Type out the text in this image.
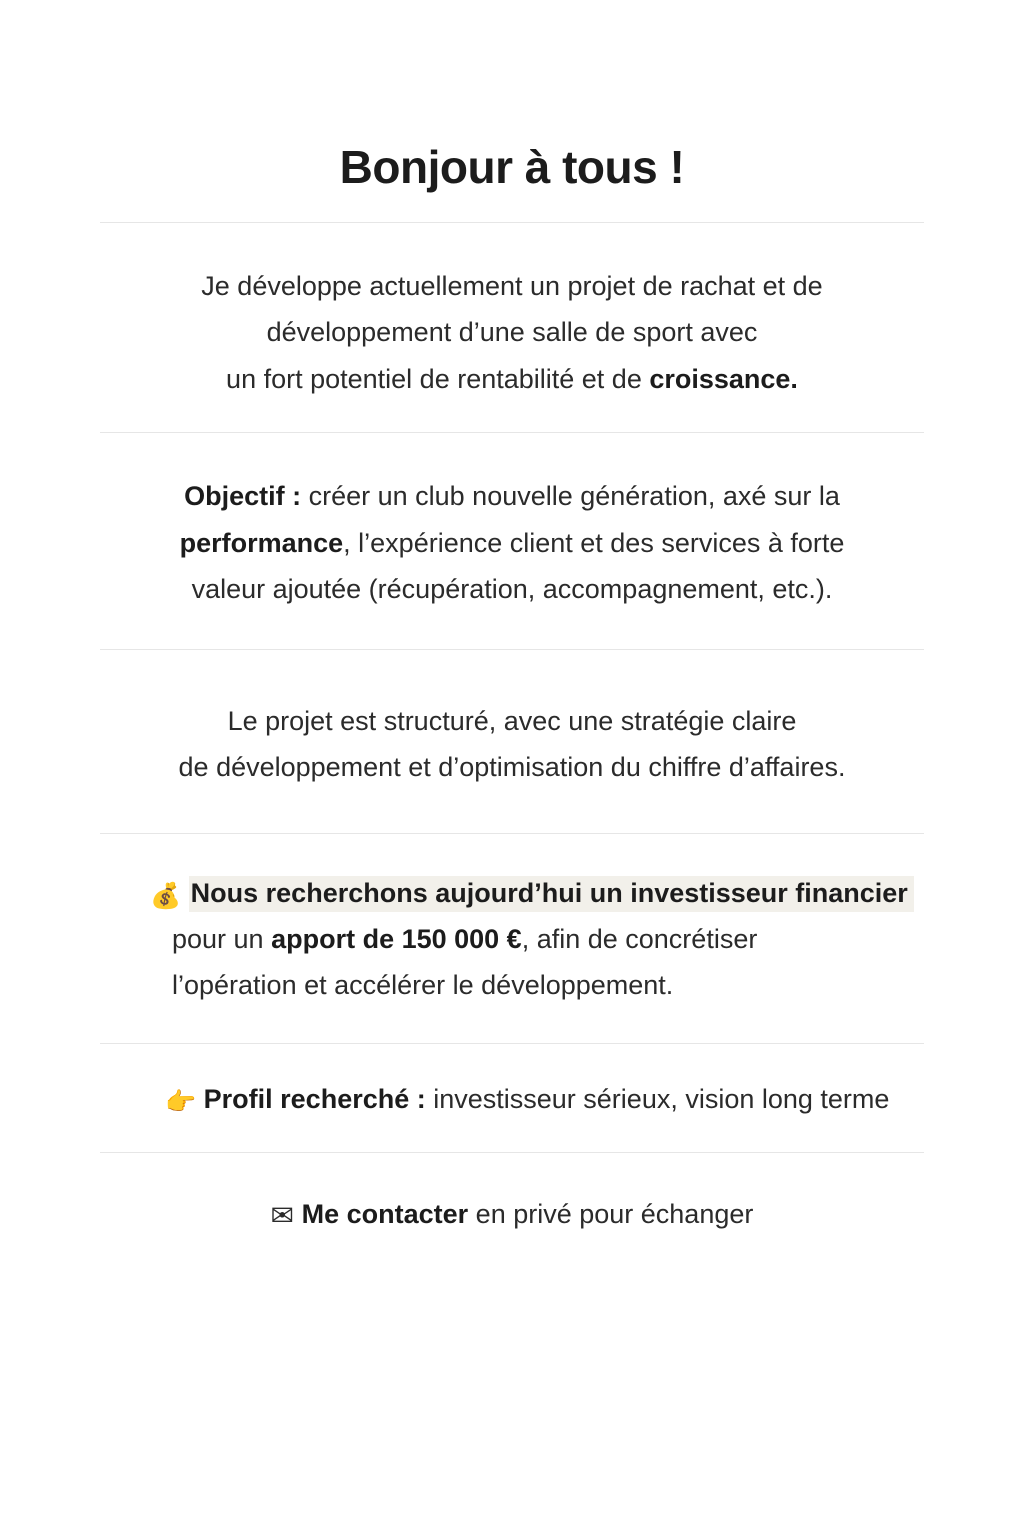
Bonjour à tous !
Je développe actuellement un projet de rachat et de
développement d’une salle de sport avec
un fort potentiel de rentabilité et de croissance.
Objectif : créer un club nouvelle génération, axé sur la
performance, l’expérience client et des services à forte
valeur ajoutée (récupération, accompagnement, etc.).
Le projet est structuré, avec une stratégie claire
de développement et d’optimisation du chiffre d’affaires.
💰 Nous recherchons aujourd’hui un investisseur financier
pour un apport de 150 000 €, afin de concrétiser
l’opération et accélérer le développement.
👉 Profil recherché : investisseur sérieux, vision long terme
✉ Me contacter en privé pour échanger
